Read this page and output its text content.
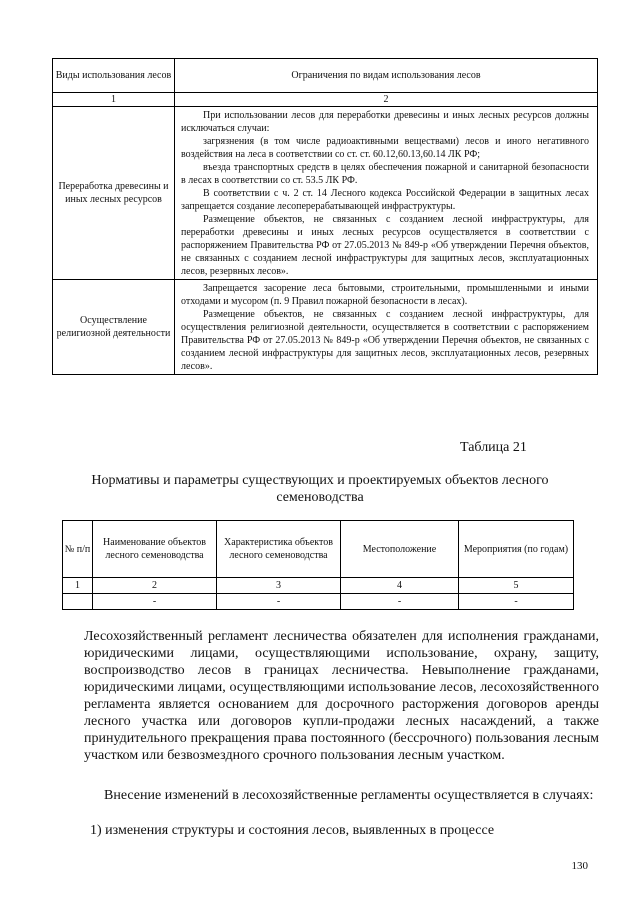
Виды использования лесов	Ограничения по видам использования лесов
1	2
Переработка древесины и иных лесных ресурсов	При использовании лесов для переработки древесины и иных лесных ресурсов должны исключаться случаи:

загрязнения (в том числе радиоактивными веществами) лесов и иного негативного воздействия на леса в соответствии со ст. ст. 60.12,60.13,60.14 ЛК РФ;

въезда транспортных средств в целях обеспечения пожарной и санитарной безопасности в лесах в соответствии со ст. 53.5 ЛК РФ.

В соответствии с ч. 2 ст. 14 Лесного кодекса Российской Федерации в защитных лесах запрещается создание лесоперерабатывающей инфраструктуры.

Размещение объектов, не связанных с созданием лесной инфраструктуры, для переработки древесины и иных лесных ресурсов осуществляется в соответствии с распоряжением Правительства РФ от 27.05.2013 № 849-р «Об утверждении Перечня объектов, не связанных с созданием лесной инфраструктуры для защитных лесов, эксплуатационных лесов, резервных лесов».

Осуществление религиозной деятельности	Запрещается засорение леса бытовыми, строительными, промышленными и иными отходами и мусором (п. 9 Правил пожарной безопасности в лесах).

Размещение объектов, не связанных с созданием лесной инфраструктуры, для осуществления религиозной деятельности, осуществляется в соответствии с распоряжением Правительства РФ от 27.05.2013 № 849-р «Об утверждении Перечня объектов, не связанных с созданием лесной инфраструктуры для защитных лесов, эксплуатационных лесов, резервных лесов».

Таблица 21
Нормативы и параметры существующих и проектируемых объектов лесного семеноводства
№ п/п	Наименование объектов лесного семеноводства	Характеристика объектов лесного семеноводства	Местоположение	Мероприятия (по годам)
1	2	3	4	5
	-	-	-	-
Лесохозяйственный регламент лесничества обязателен для исполнения гражданами, юридическими лицами, осуществляющими использование, охрану, защиту, воспроизводство лесов в границах лесничества. Невыполнение гражданами, юридическими лицами, осуществляющими использование лесов, лесохозяйственного регламента является основанием для досрочного расторжения договоров аренды лесного участка или договоров купли-продажи лесных насаждений, а также принудительного прекращения права постоянного (бессрочного) пользования лесным участком или безвозмездного срочного пользования лесным участком.
Внесение изменений в лесохозяйственные регламенты осуществляется в случаях:
1) изменения структуры и состояния лесов, выявленных в процессе
130
